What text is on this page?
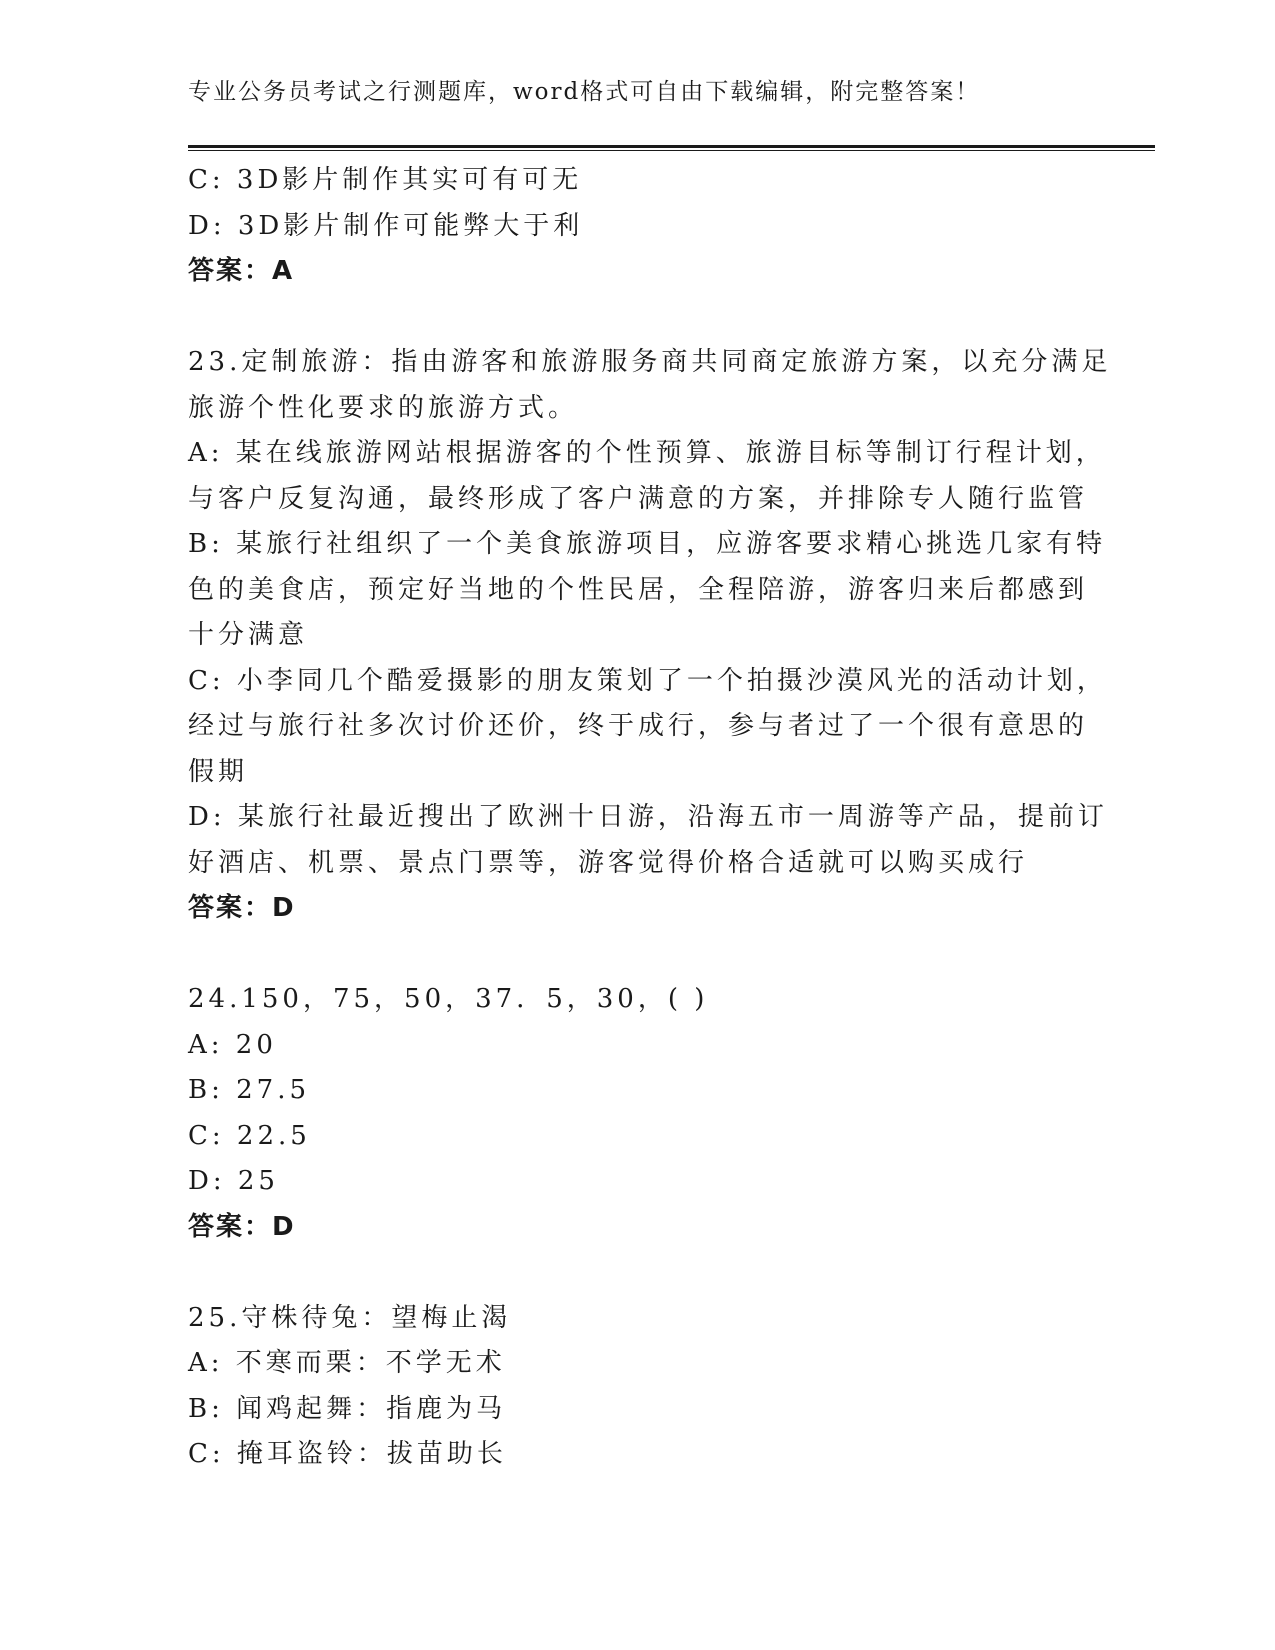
专业公务员考试之行测题库，word格式可自由下载编辑，附完整答案！
C: 3D影片制作其实可有可无
D: 3D影片制作可能弊大于利
答案：A
23.定制旅游：指由游客和旅游服务商共同商定旅游方案，以充分满足
旅游个性化要求的旅游方式。
A: 某在线旅游网站根据游客的个性预算、旅游目标等制订行程计划，
与客户反复沟通，最终形成了客户满意的方案，并排除专人随行监管
B: 某旅行社组织了一个美食旅游项目，应游客要求精心挑选几家有特
色的美食店，预定好当地的个性民居，全程陪游，游客归来后都感到
十分满意
C: 小李同几个酷爱摄影的朋友策划了一个拍摄沙漠风光的活动计划，
经过与旅行社多次讨价还价，终于成行，参与者过了一个很有意思的
假期
D: 某旅行社最近搜出了欧洲十日游，沿海五市一周游等产品，提前订
好酒店、机票、景点门票等，游客觉得价格合适就可以购买成行
答案：D
24.150，75，50，37．5，30，( )
A: 20
B: 27.5
C: 22.5
D: 25
答案：D
25.守株待兔：望梅止渴
A: 不寒而栗：不学无术
B: 闻鸡起舞：指鹿为马
C: 掩耳盗铃：拔苗助长
